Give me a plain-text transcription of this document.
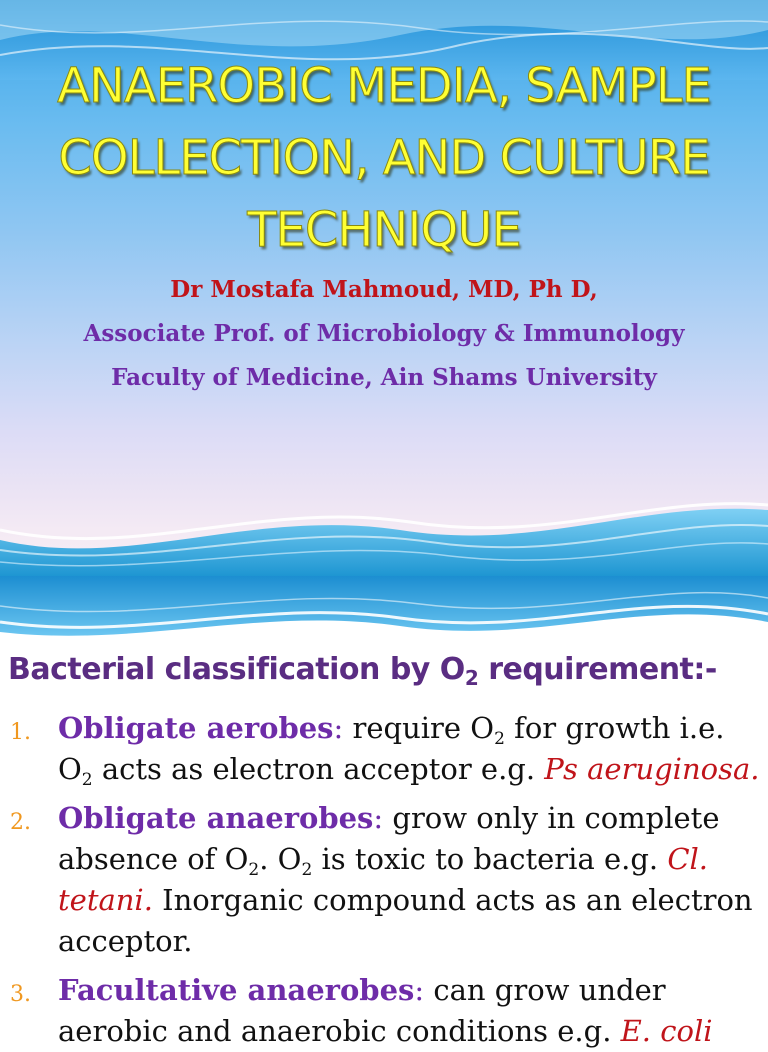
ANAEROBIC MEDIA, SAMPLE
COLLECTION, AND CULTURE
TECHNIQUE
Dr Mostafa Mahmoud, MD, Ph D,
Associate Prof. of Microbiology & Immunology
Faculty of Medicine, Ain Shams University
Bacterial classification by $O_2$ requirement:-
1. Obligate aerobes: require $O_2$ for growth i.e. $O_2$ acts as electron acceptor e.g. Ps aeruginosa.
2. Obligate anaerobes: grow only in complete absence of $O_2$. $O_2$ is toxic to bacteria e.g. Cl. tetani. Inorganic compound acts as an electron acceptor.
3. Facultative anaerobes: can grow under aerobic and anaerobic conditions e.g. E. coli
